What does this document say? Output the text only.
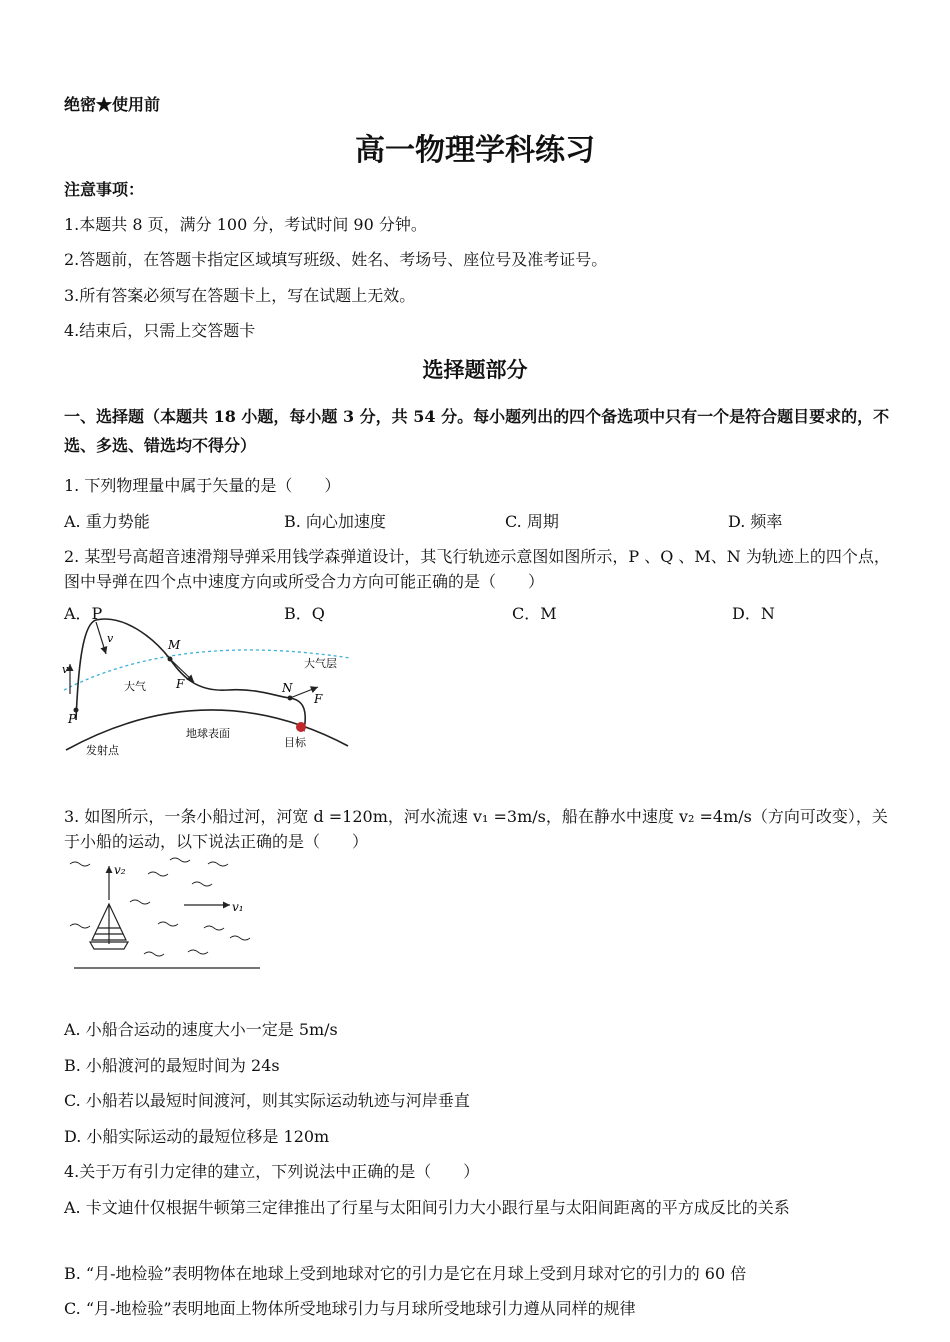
绝密★使用前
高一物理学科练习
注意事项：
1.本题共 8 页，满分 100 分，考试时间 90 分钟。
2.答题前，在答题卡指定区域填写班级、姓名、考场号、座位号及准考证号。
3.所有答案必须写在答题卡上，写在试题上无效。
4.结束后，只需上交答题卡
选择题部分
一、选择题（本题共 18 小题，每小题 3 分，共 54 分。每小题列出的四个备选项中只有一个是符合题目要求的，不选、多选、错选均不得分）
1. 下列物理量中属于矢量的是（　　）
A. 重力势能	B. 向心加速度	C. 周期	D. 频率
2. 某型号高超音速滑翔导弹采用钱学森弹道设计，其飞行轨迹示意图如图所示，P 、Q 、M、N 为轨迹上的四个点，图中导弹在四个点中速度方向或所受合力方向可能正确的是（　　）
A．P	B．Q	C．M	D．N
v
v
P
M
N
F
F
大气层
大气
地球表面
发射点
目标
3. 如图所示，一条小船过河，河宽 d =120m，河水流速 v₁ =3m/s，船在静水中速度 v₂ =4m/s（方向可改变），关于小船的运动，以下说法正确的是（　　）
v₂
v₁
A. 小船合运动的速度大小一定是 5m/s
B. 小船渡河的最短时间为 24s
C. 小船若以最短时间渡河，则其实际运动轨迹与河岸垂直
D. 小船实际运动的最短位移是 120m
4.关于万有引力定律的建立，下列说法中正确的是（　　）
A. 卡文迪什仅根据牛顿第三定律推出了行星与太阳间引力大小跟行星与太阳间距离的平方成反比的关系
B. “月-地检验”表明物体在地球上受到地球对它的引力是它在月球上受到月球对它的引力的 60 倍
C. “月-地检验”表明地面上物体所受地球引力与月球所受地球引力遵从同样的规律
